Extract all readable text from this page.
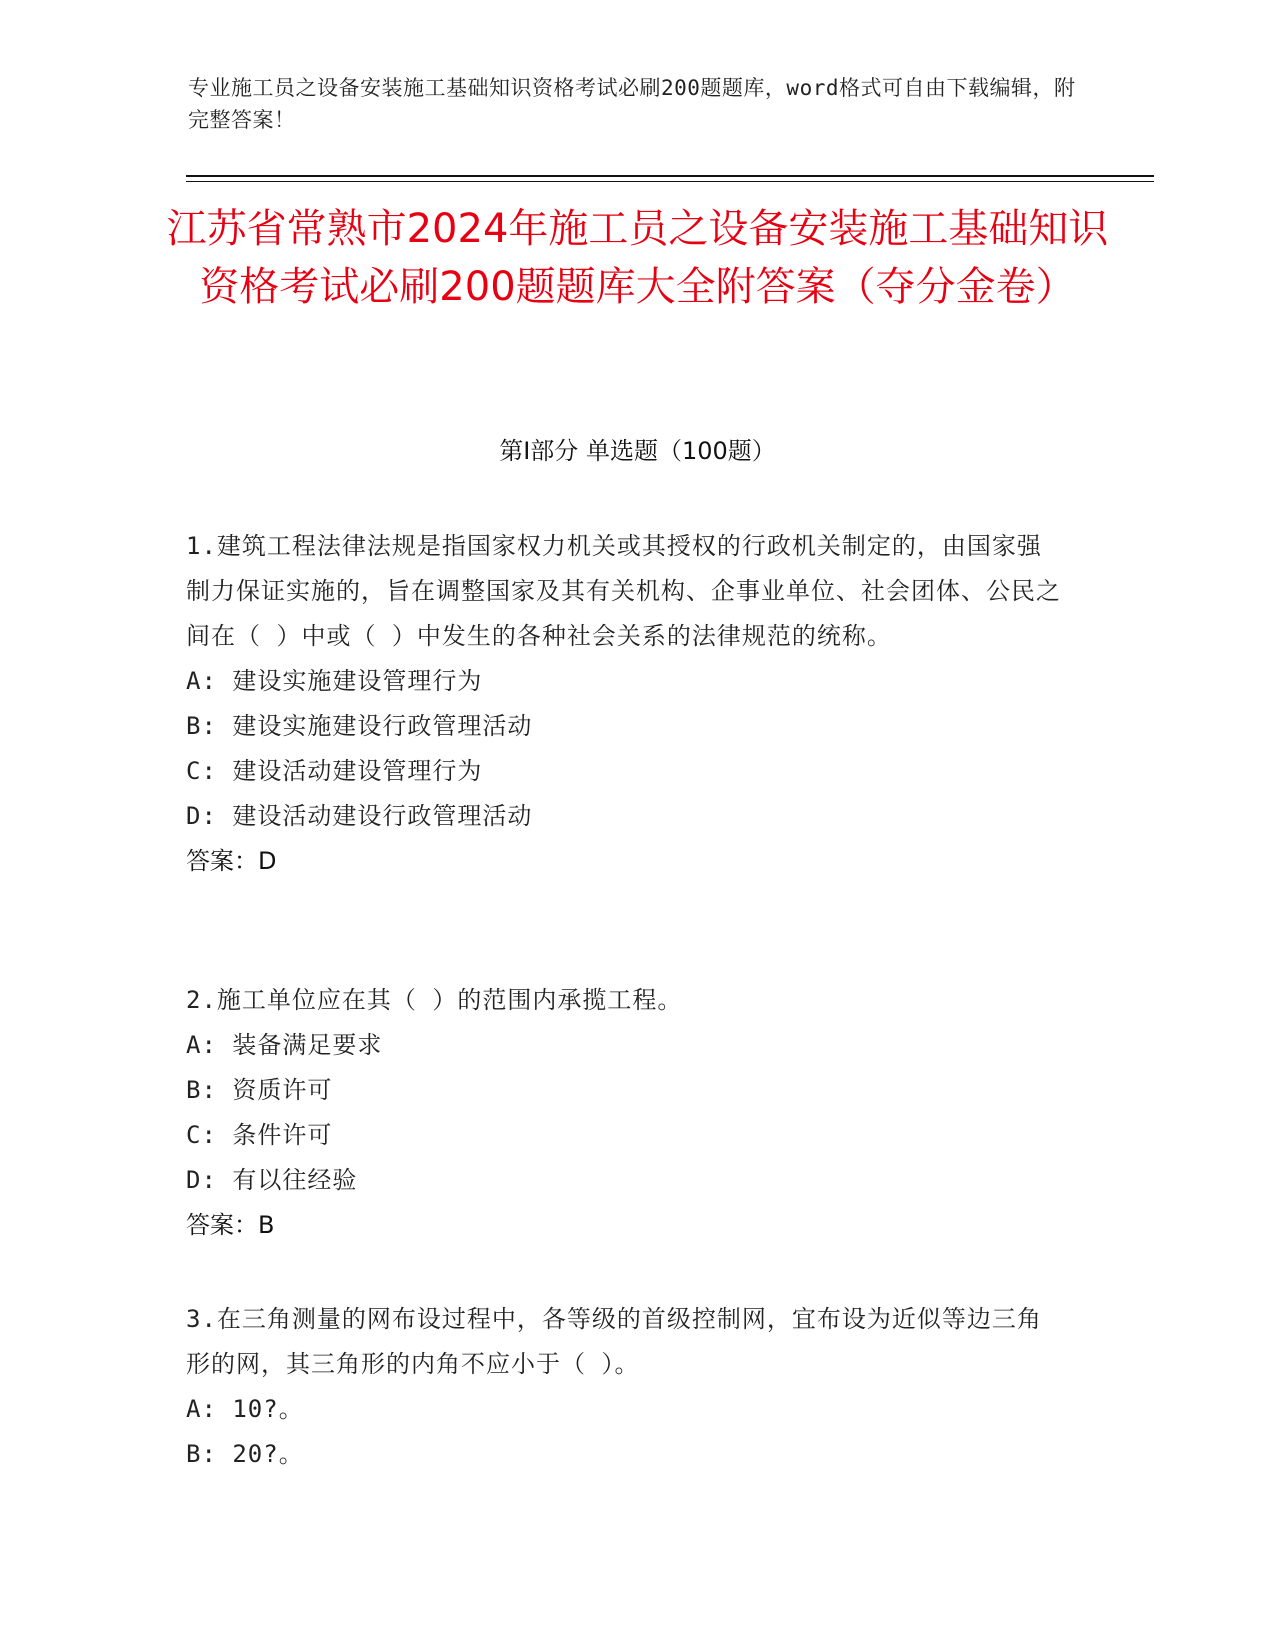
专业施工员之设备安装施工基础知识资格考试必刷200题题库，word格式可自由下载编辑，附完整答案！
江苏省常熟市2024年施工员之设备安装施工基础知识资格考试必刷200题题库大全附答案（夺分金卷）
第Ⅰ部分 单选题（100题）
1.建筑工程法律法规是指国家权力机关或其授权的行政机关制定的，由国家强制力保证实施的，旨在调整国家及其有关机构、企事业单位、社会团体、公民之间在（ ）中或（ ）中发生的各种社会关系的法律规范的统称。
A: 建设实施建设管理行为
B: 建设实施建设行政管理活动
C: 建设活动建设管理行为
D: 建设活动建设行政管理活动
答案：D
2.施工单位应在其（ ）的范围内承揽工程。
A: 装备满足要求
B: 资质许可
C: 条件许可
D: 有以往经验
答案：B
3.在三角测量的网布设过程中，各等级的首级控制网，宜布设为近似等边三角形的网，其三角形的内角不应小于（ ）。
A: 10?。
B: 20?。
